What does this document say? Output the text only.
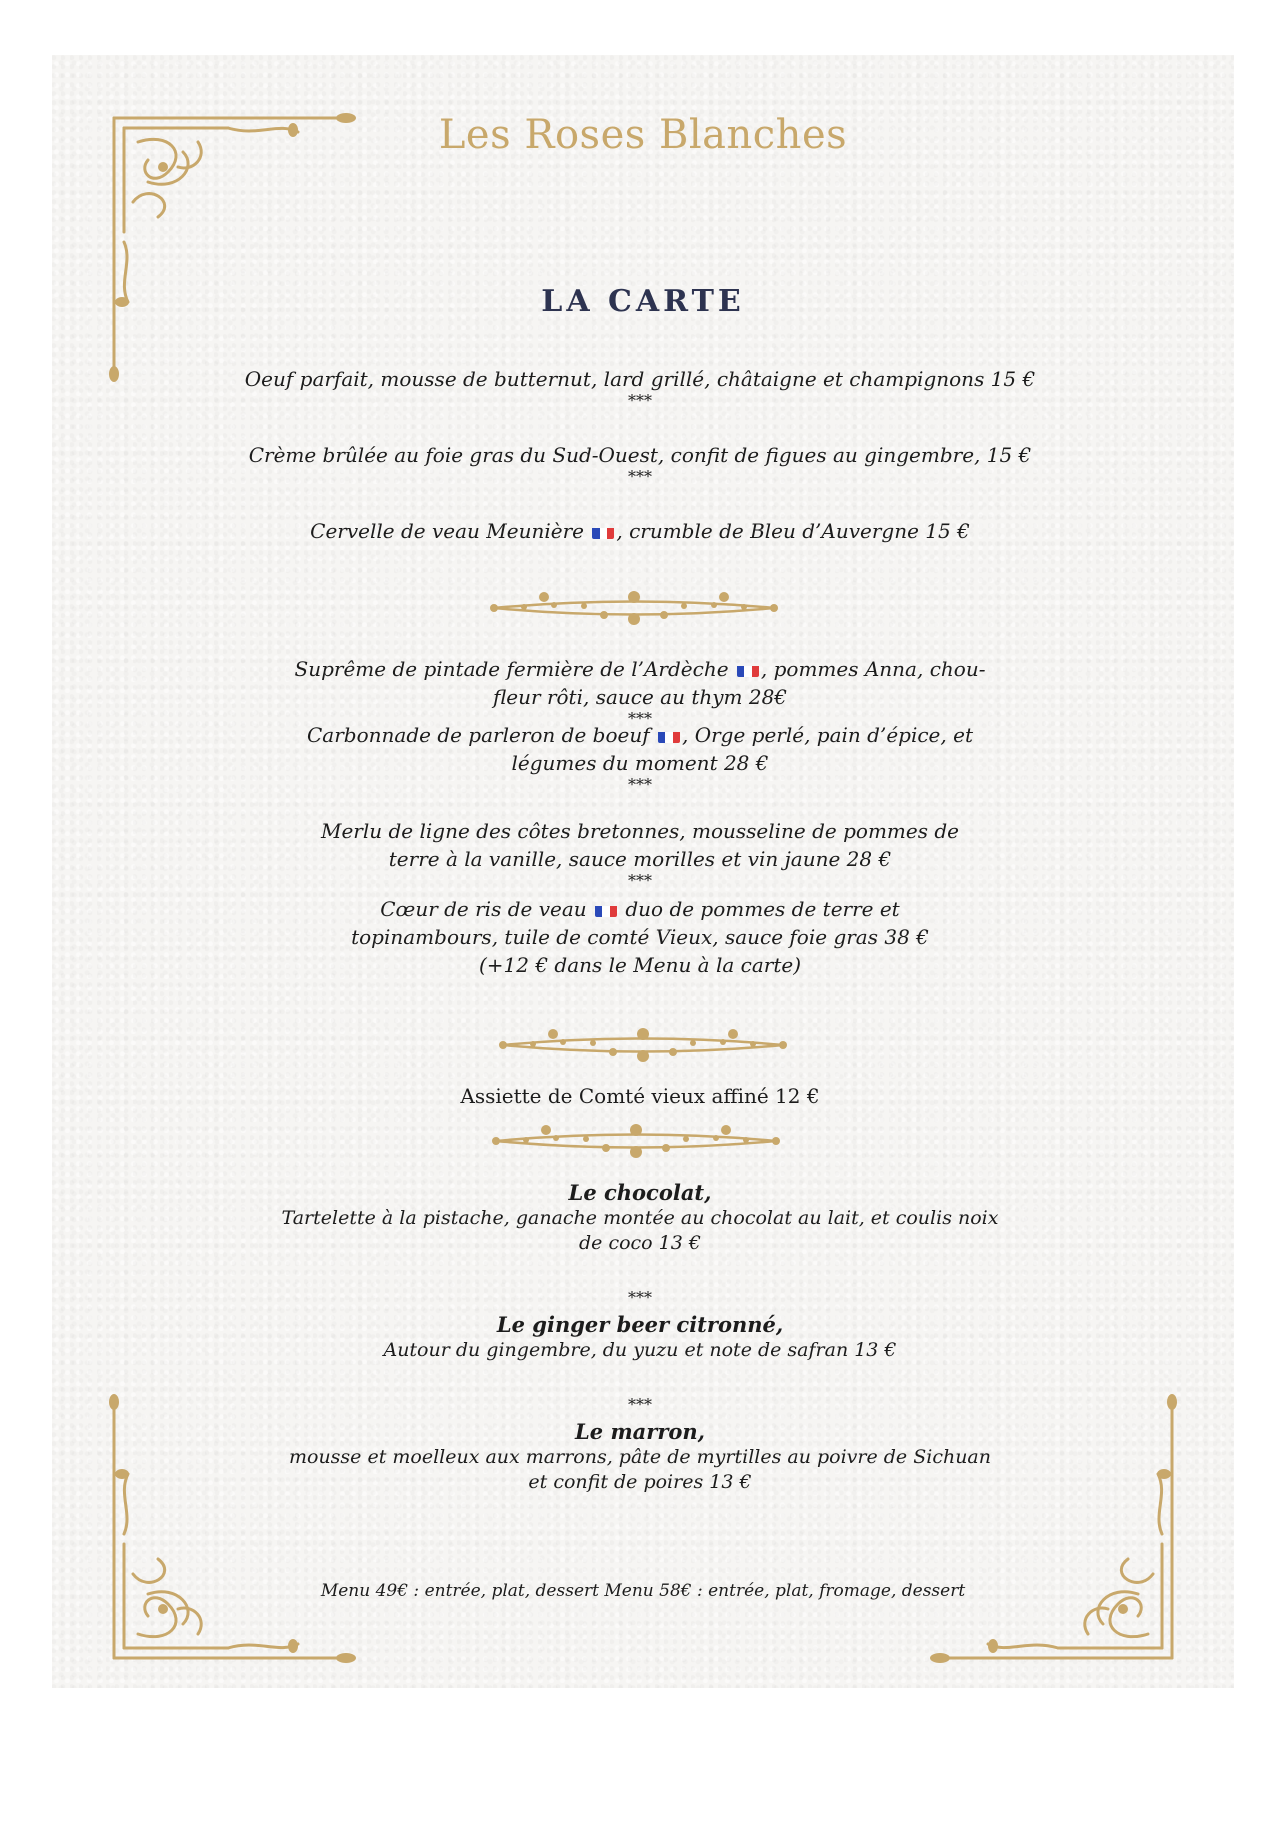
Les Roses Blanches
LA CARTE

Oeuf parfait, mousse de butternut, lard grillé, châtaigne et champignons 15 €

***

Crème brûlée au foie gras du Sud-Ouest, confit de figues au gingembre, 15 €

***

Cervelle de veau Meunière , crumble de Bleu d’Auvergne 15 €

Suprême de pintade fermière de l’Ardèche , pommes Anna, chou-
fleur rôti, sauce au thym 28€

***

Carbonnade de parleron de boeuf , Orge perlé, pain d’épice, et
légumes du moment 28 €

***

Merlu de ligne des côtes bretonnes, mousseline de pommes de
terre à la vanille, sauce morilles et vin jaune 28 €

***

Cœur de ris de veau  duo de pommes de terre et
topinambours, tuile de comté Vieux, sauce foie gras 38 €
(+12 € dans le Menu à la carte)

Assiette de Comté vieux affiné 12 €

Le chocolat,
Tartelette à la pistache, ganache montée au chocolat au lait, et coulis noix
de coco 13 €
***
Le ginger beer citronné,
Autour du gingembre, du yuzu et note de safran 13 €
***
Le marron,
mousse et moelleux aux marrons, pâte de myrtilles au poivre de Sichuan
et confit de poires 13 €
Menu 49€ : entrée, plat, dessert Menu 58€ : entrée, plat, fromage, dessert
